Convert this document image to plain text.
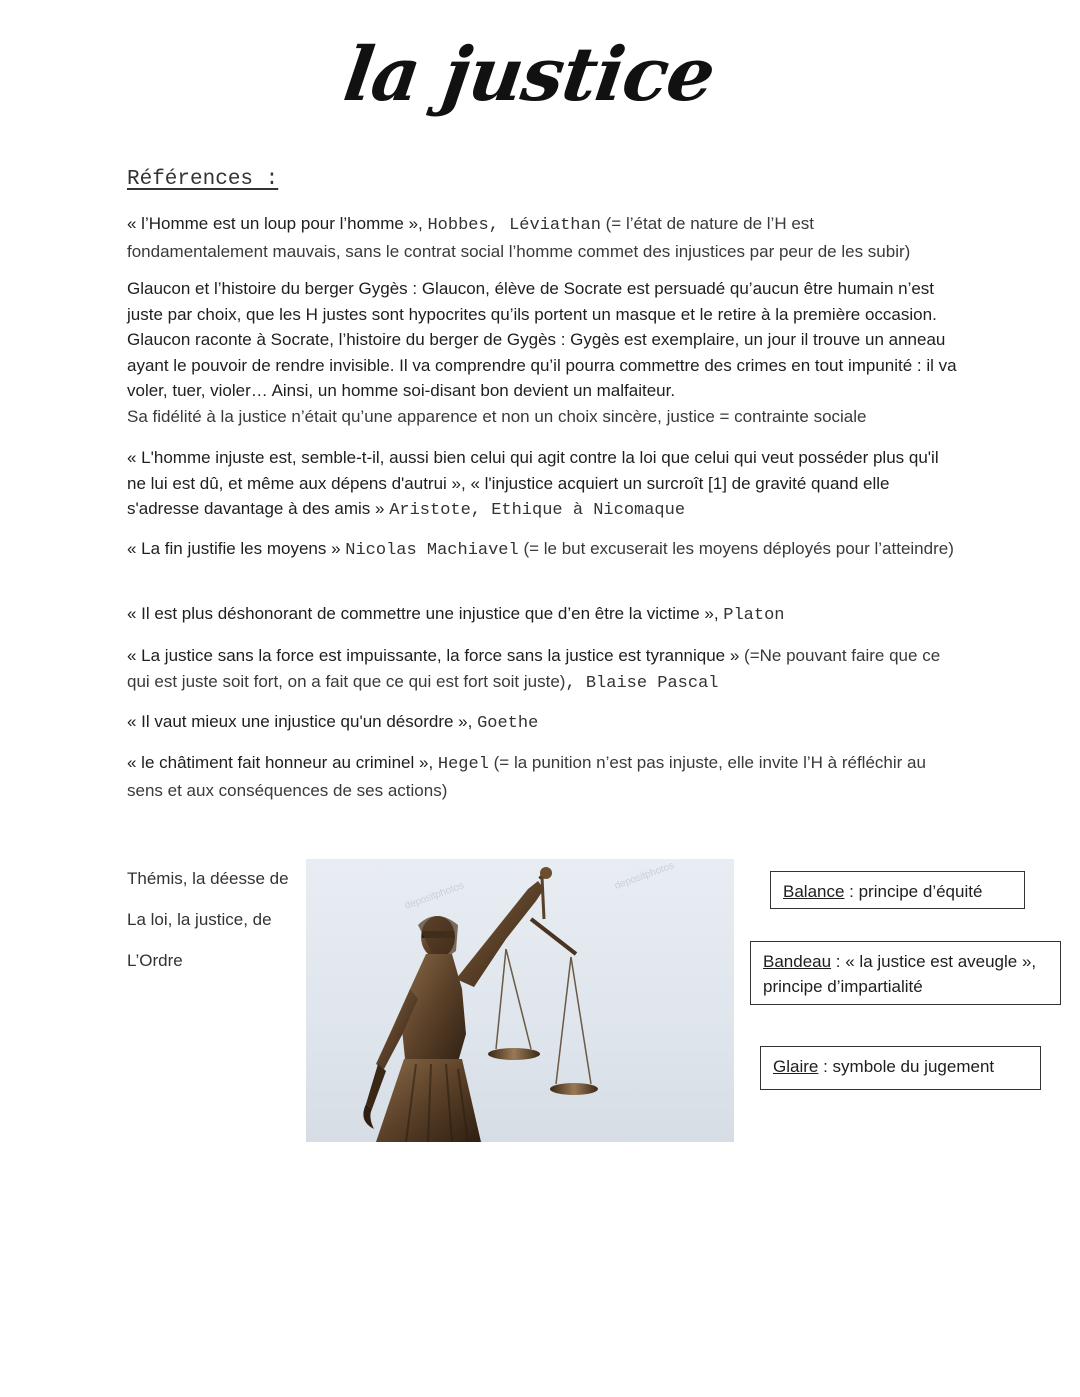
la justice
Références :
« l’Homme est un loup pour l’homme », Hobbes, Léviathan (= l’état de nature de l’H est fondamentalement mauvais, sans le contrat social l’homme commet des injustices par peur de les subir)
Glaucon et l’histoire du berger Gygès : Glaucon, élève de Socrate est persuadé qu’aucun être humain n’est juste par choix, que les H justes sont hypocrites qu’ils portent un masque et le retire à la première occasion. Glaucon raconte à Socrate, l’histoire du berger de Gygès : Gygès est exemplaire, un jour il trouve un anneau ayant le pouvoir de rendre invisible. Il va comprendre qu’il pourra commettre des crimes en tout impunité : il va voler, tuer, violer… Ainsi, un homme soi-disant bon devient un malfaiteur.
Sa fidélité à la justice n’était qu’une apparence et non un choix sincère, justice = contrainte sociale
« L'homme injuste est, semble-t-il, aussi bien celui qui agit contre la loi que celui qui veut posséder plus qu'il ne lui est dû, et même aux dépens d'autrui », « l'injustice acquiert un surcroît [1] de gravité quand elle s'adresse davantage à des amis » Aristote, Ethique à Nicomaque
« La fin justifie les moyens » Nicolas Machiavel (= le but excuserait les moyens déployés pour l’atteindre)
« Il est plus déshonorant de commettre une injustice que d’en être la victime », Platon
« La justice sans la force est impuissante, la force sans la justice est tyrannique » (=Ne pouvant faire que ce qui est juste soit fort, on a fait que ce qui est fort soit juste), Blaise Pascal
« Il vaut mieux une injustice qu'un désordre », Goethe
« le châtiment fait honneur au criminel », Hegel (= la punition n’est pas injuste, elle invite l’H à réfléchir au sens et aux conséquences de ses actions)
Thémis, la déesse de
La loi, la justice, de
L’Ordre
depositphotos
depositphotos	Balance : principe d’équité
Bandeau : « la justice est aveugle », principe d’impartialité
Glaire : symbole du jugement
